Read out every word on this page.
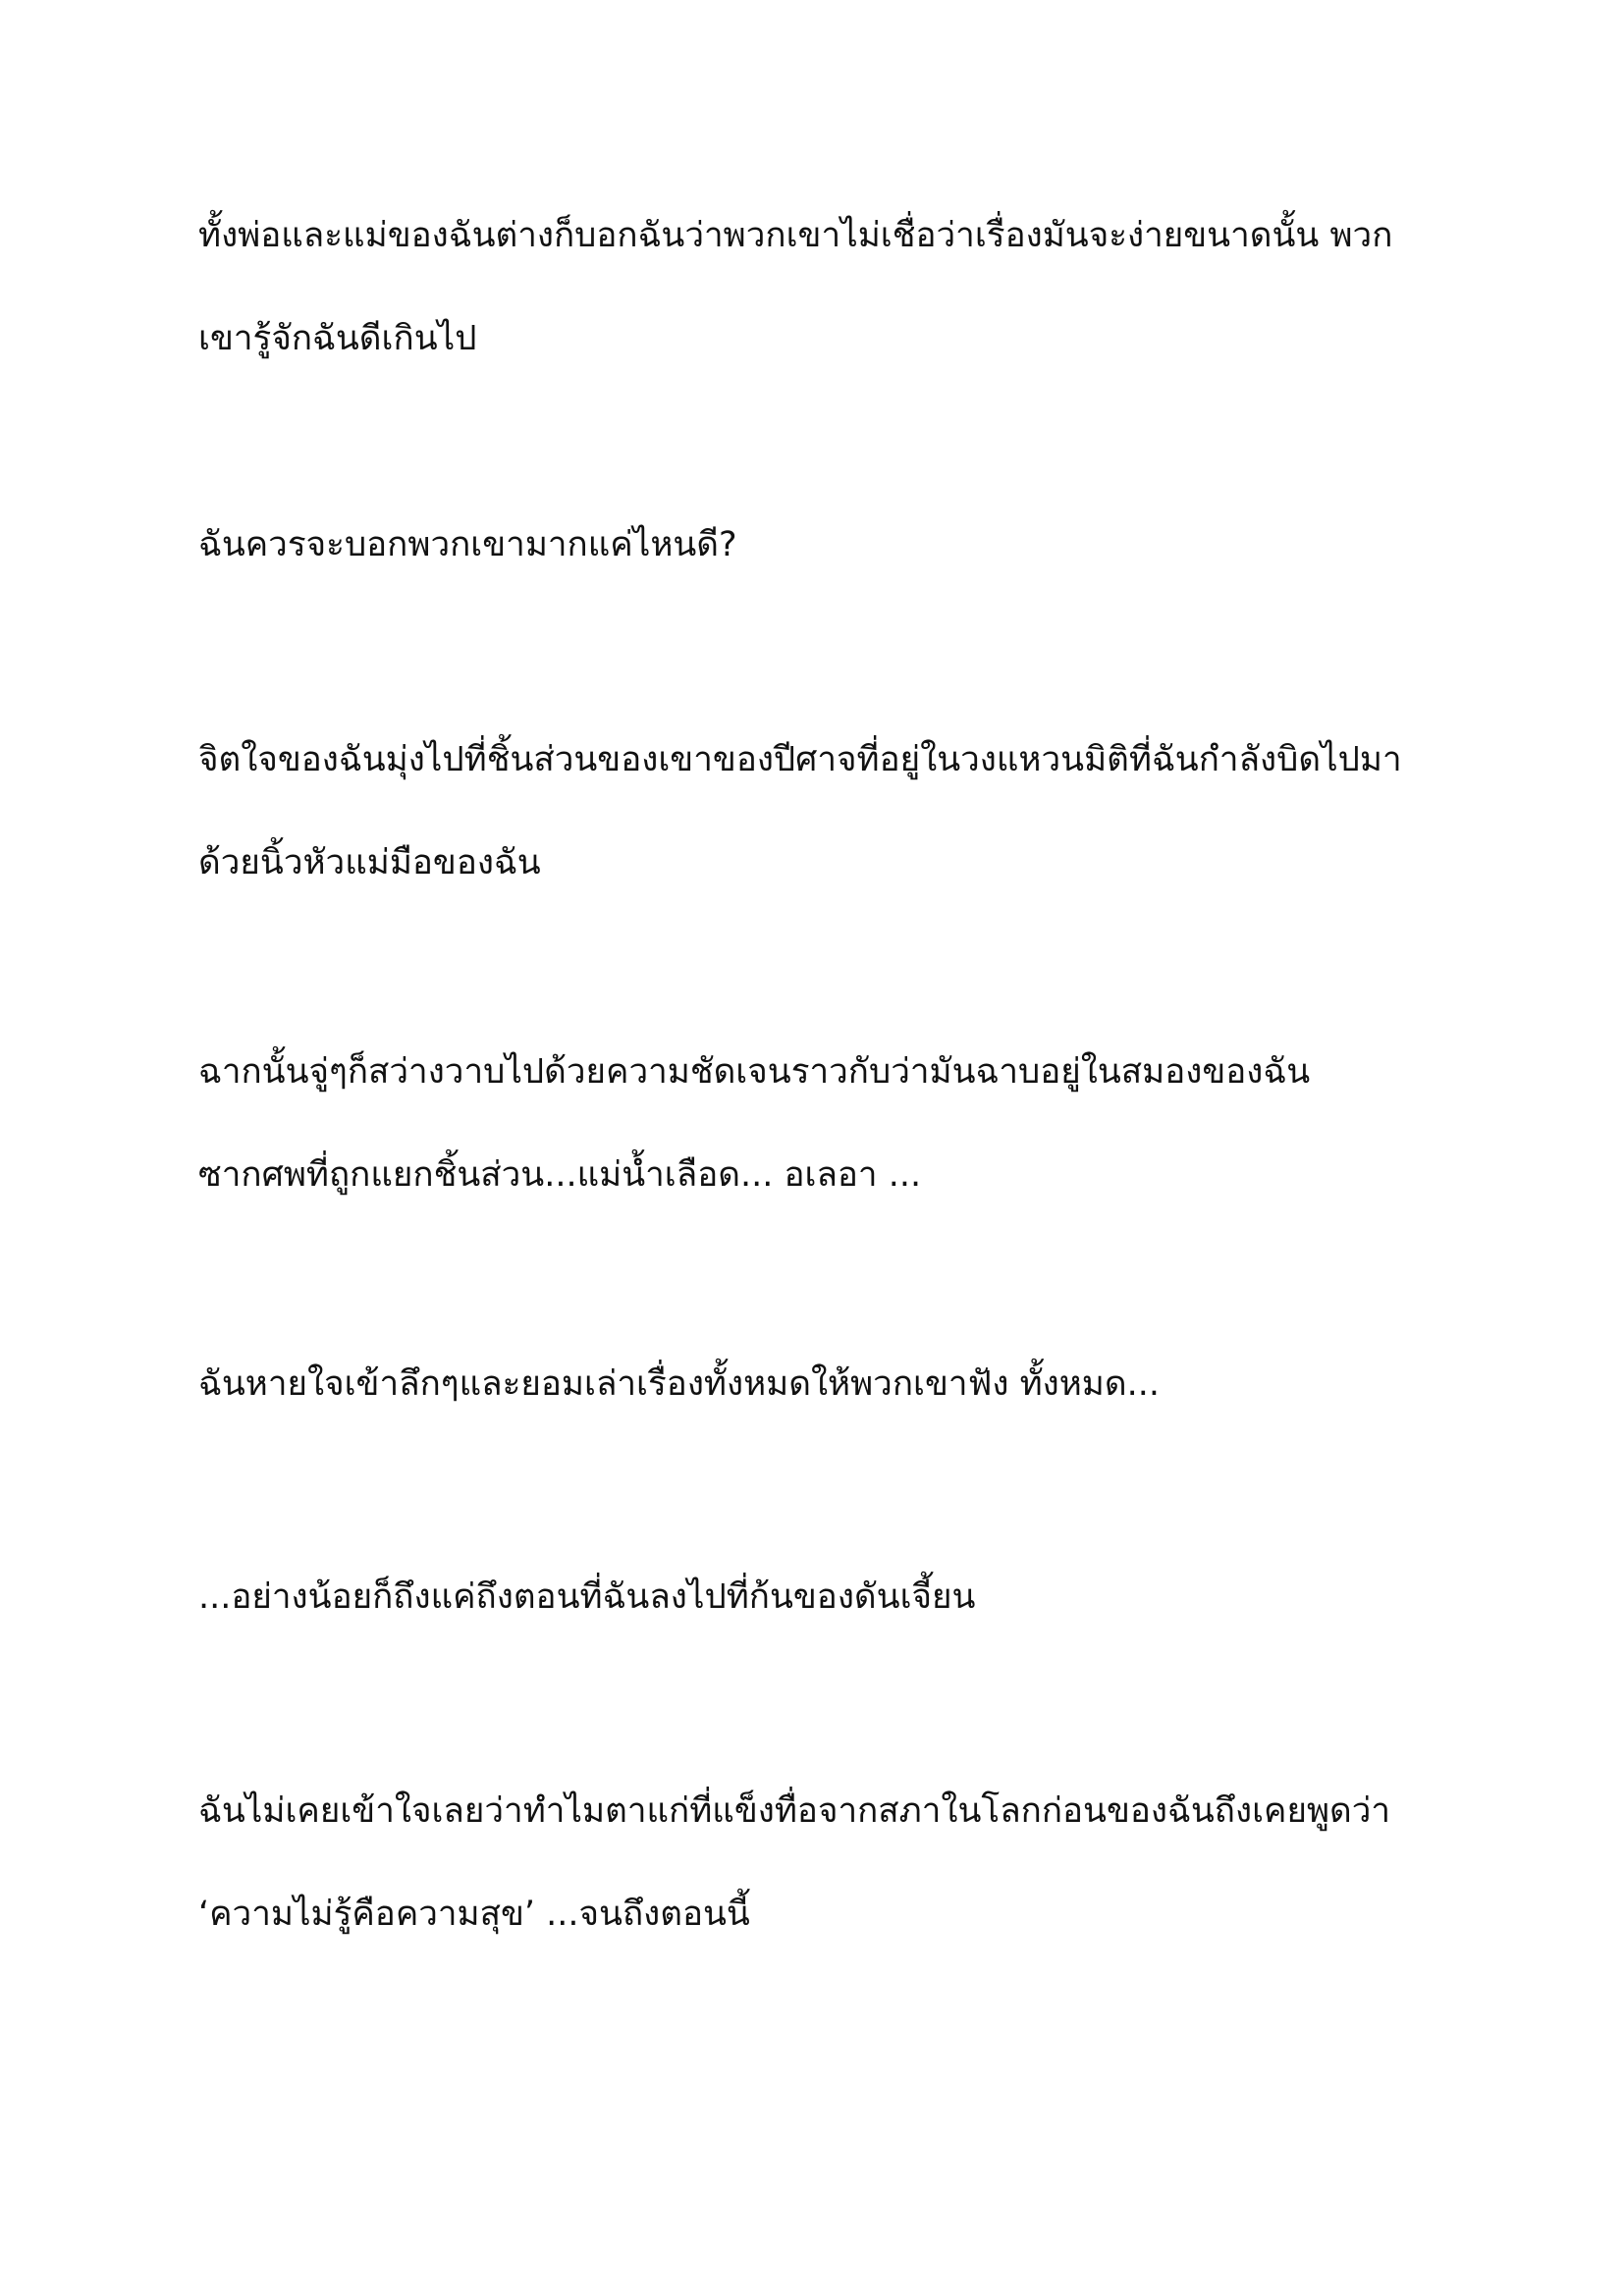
ทั้งพ่อและแม่ของฉันต่างก็บอกฉันว่าพวกเขาไม่เชื่อว่าเรื่องมันจะง่ายขนาดนั้น พวก
เขารู้จักฉันดีเกินไป

ฉันควรจะบอกพวกเขามากแค่ไหนดี?

จิตใจของฉันมุ่งไปที่ชิ้นส่วนของเขาของปีศาจที่อยู่ในวงแหวนมิติที่ฉันกำลังบิดไปมา
ด้วยนิ้วหัวแม่มือของฉัน

ฉากนั้นจู่ๆก็สว่างวาบไปด้วยความชัดเจนราวกับว่ามันฉาบอยู่ในสมองของฉัน
ซากศพที่ถูกแยกชิ้นส่วน...แม่น้ำเลือด... อเลอา ...

ฉันหายใจเข้าลึกๆและยอมเล่าเรื่องทั้งหมดให้พวกเขาฟัง ทั้งหมด...

...อย่างน้อยก็ถึงแค่ถึงตอนที่ฉันลงไปที่ก้นของดันเจี้ยน

ฉันไม่เคยเข้าใจเลยว่าทำไมตาแก่ที่แข็งทื่อจากสภาในโลกก่อนของฉันถึงเคยพูดว่า
‘ความไม่รู้คือความสุข’ ...จนถึงตอนนี้
